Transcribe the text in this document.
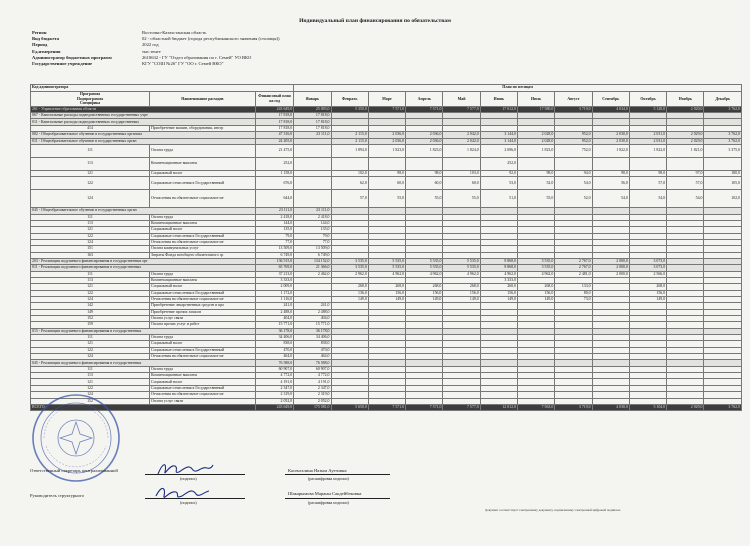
Индивидуальный план финансирования по обязательствам
Регион	Восточно-Казахстанская область
Вид бюджета	02 - областной бюджет (города республиканского значения (столицы))
Период	2022 год
Ед.измерения	тыс.тенге
Администратор бюджетных программ	2610632 - ГУ "Отдел образования по г. Семей" УО ВКО
Государственное учреждение	КГУ "СОШ №26" ГУ "ОО г. Семей ВКО"
Код администратора			План по месяцам											

Программа
Подпрограмма
Специфика	Наименование расходов	Финансовый план на год	Январь	Февраль	Март	Апрель	Май	Июнь	Июль	Август	Сентябрь	Октябрь	Ноябрь	Декабрь
261 - Управление образования области		243 649,0	25 083,0	5 350,0	7 571,0	7 571,0	7 577,0	17 012,0	17 580,0	3 719,0	4 034,0	5 120,0	2 020,0	3 762,0
067 - Капитальные расходы подведомственных государственных учре		17 818,0	17 818,0											
011 - Капитальные расходы подведомственных государственных		17 818,0	17 818,0											
414	Приобретение машин, оборудования, инстр	17 818,0	17 818,0											
082 - Общеобразовательное обучение в государственных организа		47 316,0	23 111,0	2 115,0	2 036,0	2 036,0	2 042,0	3 144,0	2 028,0	952,0	2 030,0	2 031,0	2 029,0	3 762,0
011 - Общеобразовательное обучение в государственных орган		24 205,0		2 115,0	2 036,0	2 036,0	2 042,0	3 144,0	2 028,0	952,0	2 030,0	2 031,0	2 029,0	3 762,0
111	Оплата труда	21 475,0		1 894,0	1 823,0	1 823,0	1 824,0	2 696,0	1 823,0	752,0	1 822,0	1 822,0	1 821,0	3 375,0
113	Компенсационные выплаты	252,0						252,0						
121	Социальный налог	1 158,0		102,0	98,0	98,0	103,0	92,0	98,0	94,0	98,0	98,0	97,0	180,0
122	Социальные отчисления в Государственный	676,0		62,0	60,0	60,0	60,0	53,0	52,0	54,0	56,0	57,0	57,0	105,0
124	Отчисления на обязательное социальное ме	644,0		57,0	55,0	55,0	55,0	51,0	55,0	52,0	54,0	54,0	54,0	102,0
045 - Общеобразовательное обучение в государственных орган		23 111,0	23 111,0											
111	Оплата труда	2 418,0	2 418,0											
113	Компенсационные выплаты	144,0	144,0											
121	Социальный налог	135,0	135,0											
122	Социальные отчисления в Государственный	79,0	79,0											
124	Отчисления на обязательное социальное ме	77,0	77,0											
151	Оплата коммунальных услуг	13 509,0	13 509,0											
163	Затраты Фонда всеобщего обязательного ср	6 749,0	6 749,0											
203 - Реализация подушевого финансирования в государственных орг		136 515,0	134 152,0	3 535,0	5 535,0	5 535,0	5 535,0	8 868,0	5 535,0	2 767,0	2 000,0	3 073,0		
011 - Реализация подушевого финансирования в государственных		65 769,0	21 366,0	3 535,0	5 535,0	5 535,0	5 535,0	8 868,0	5 535,0	2 767,0	2 000,0	3 073,0		
111	Оплата труда	37 213,0	2 462,0	2 962,0	4 962,0	4 962,0	4 962,0	4 962,0	4 962,0	2 481,0	2 000,0	2 566,0		
113	Компенсационные выплаты	3 333,0						3 333,0						
121	Социальный налог	2 009,0		268,0	268,0	268,0	268,0	268,0	268,0	133,0		268,0		
122	Социальные отчисления в Государственный	1 172,0		136,0	156,0	156,0	156,0	156,0	156,0	80,0		156,0		
124	Отчисления на обязательное социальное ме	1 116,0		149,0	149,0	149,0	149,0	149,0	149,0	73,0		149,0		
142	Приобретение лекарственных средств и про	241,0	241,0											
149	Приобретение прочих запасов	2 488,0	2 488,0											
152	Оплата услуг связи	404,0	404,0											
159	Оплата прочих услуг и работ	15 771,0	15 771,0											
015 - Реализация подушевого финансирования в государственных		36 178,0	36 178,0											
111	Оплата труда	34 406,0	34 406,0											
121	Социальный налог	838,0	838,0											
122	Социальные отчисления в Государственный	470,0	470,0											
124	Отчисления на обязательное социальное ме	464,0	464,0											
045 - Реализация подушевого финансирования в государственных		76 588,0	76 588,0											
111	Оплата труда	60 907,0	60 907,0											
113	Компенсационные выплаты	4 772,0	4 772,0											
121	Социальный налог	4 191,0	4 191,0											
122	Социальные отчисления в Государственный	2 347,0	2 347,0											
124	Отчисления на обязательное социальное ме	2 319,0	2 319,0											
152	Оплата услуг связи	2 052,0	2 052,0											
ВСЕГО:		243 649,0	175 081,0	5 650,0	7 571,0	7 571,0	7 577,0	12 012,0	7 563,0	3 719,0	4 030,0	5 104,0	2 029,0	3 762,0
Ответственный секретарь централизованной
(подпись)
Касенгалина Назым Ауезовна
(расшифровка подписи)
Руководитель структурного
(подпись)
Шакарымова Маржан Сакдейбековна
(расшифровка подписи)
Документ соответствует электронному документу, подписанному электронной цифровой подписью
